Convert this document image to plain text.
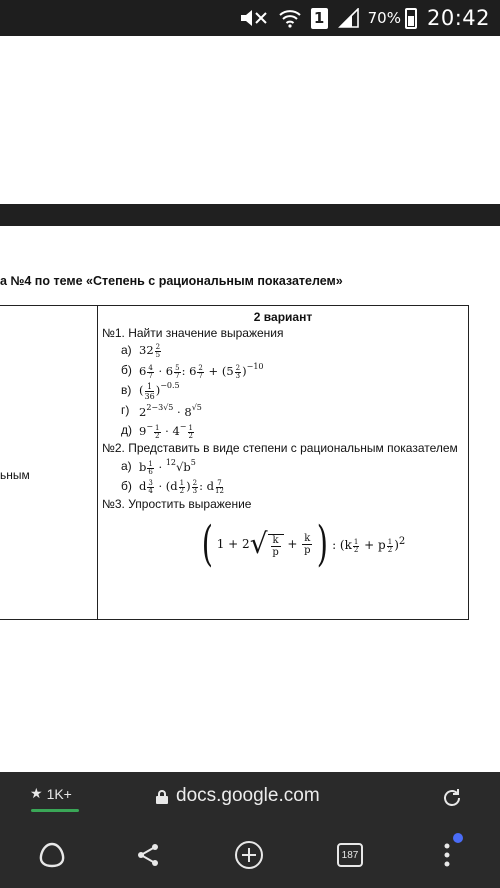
1	70% 20:42
а №4 по теме «Степень с рациональным показателем»
ьным
2 вариант
№1. Найти значение выражения
а) $32 \frac{2}{5}$
б) $6 \frac{4}{7} \cdot 6 \frac{5}{7}$ : $6 \frac{2}{7} + (5 \frac{2}{3} )^{-10}$
в) ( $\frac{1}{36} )^{-0.5}$
г) $2^{2-3√5} \cdot 8^{√5}$
д) $9^- \frac{1}{2} \cdot 4^- \frac{1}{2}$
№2. Представить в виде степени с рациональным показателем
а) b $\frac{1}{6} \cdot ^{12}√b^5$
б) d $\frac{3}{4} \cdot (d \frac{1}{2}$ ) $\frac{2}{3}$ : d $\frac{7}{12}$
№3. Упростить выражение
( 1 + 2 √ $\frac{k}{p} + \frac{k}{p}$ ) : $(k \frac{1}{2} + p \frac{1}{2} )^2$
★ 1K+	docs.google.com
187
